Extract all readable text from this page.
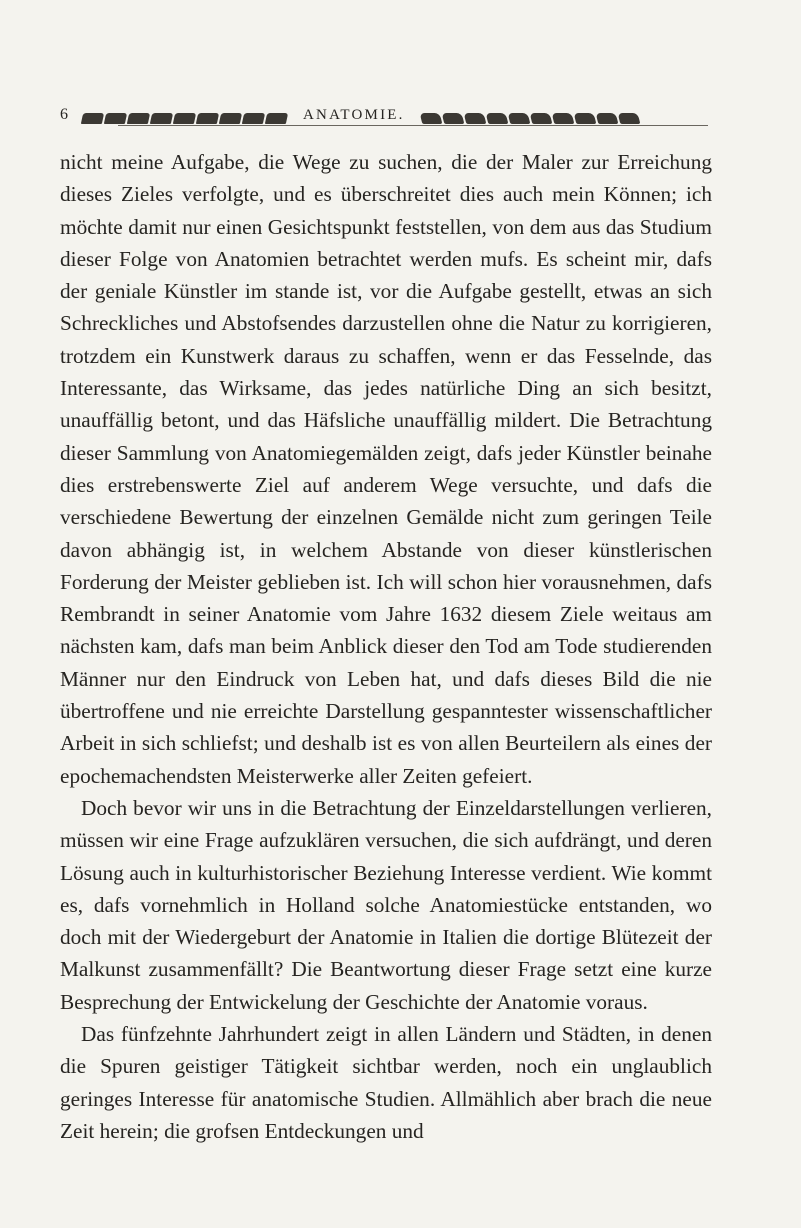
6	ANATOMIE.

nicht meine Aufgabe, die Wege zu suchen, die der Maler zur Erreichung dieses Zieles verfolgte, und es überschreitet dies auch mein Können; ich möchte damit nur einen Gesichtspunkt feststellen, von dem aus das Studium dieser Folge von Anatomien betrachtet werden mufs. Es scheint mir, dafs der geniale Künstler im stande ist, vor die Aufgabe gestellt, etwas an sich Schreckliches und Abstofsendes darzustellen ohne die Natur zu korrigieren, trotzdem ein Kunstwerk daraus zu schaffen, wenn er das Fesselnde, das Interessante, das Wirksame, das jedes natürliche Ding an sich besitzt, unauffällig betont, und das Häfsliche unauffällig mildert. Die Betrachtung dieser Sammlung von Anatomiegemälden zeigt, dafs jeder Künstler beinahe dies erstrebenswerte Ziel auf anderem Wege versuchte, und dafs die verschiedene Bewertung der einzelnen Gemälde nicht zum geringen Teile davon abhängig ist, in welchem Abstande von dieser künstlerischen Forderung der Meister geblieben ist. Ich will schon hier vorausnehmen, dafs Rembrandt in seiner Anatomie vom Jahre 1632 diesem Ziele weitaus am nächsten kam, dafs man beim Anblick dieser den Tod am Tode studierenden Männer nur den Eindruck von Leben hat, und dafs dieses Bild die nie übertroffene und nie erreichte Darstellung gespanntester wissenschaftlicher Arbeit in sich schliefst; und deshalb ist es von allen Beurteilern als eines der epochemachendsten Meisterwerke aller Zeiten gefeiert.

Doch bevor wir uns in die Betrachtung der Einzeldarstellungen verlieren, müssen wir eine Frage aufzuklären versuchen, die sich aufdrängt, und deren Lösung auch in kulturhistorischer Beziehung Interesse verdient. Wie kommt es, dafs vornehmlich in Holland solche Anatomiestücke entstanden, wo doch mit der Wiedergeburt der Anatomie in Italien die dortige Blütezeit der Malkunst zusammenfällt? Die Beantwortung dieser Frage setzt eine kurze Besprechung der Entwickelung der Geschichte der Anatomie voraus.

Das fünfzehnte Jahrhundert zeigt in allen Ländern und Städten, in denen die Spuren geistiger Tätigkeit sichtbar werden, noch ein unglaublich geringes Interesse für anatomische Studien. Allmählich aber brach die neue Zeit herein; die grofsen Entdeckungen und
